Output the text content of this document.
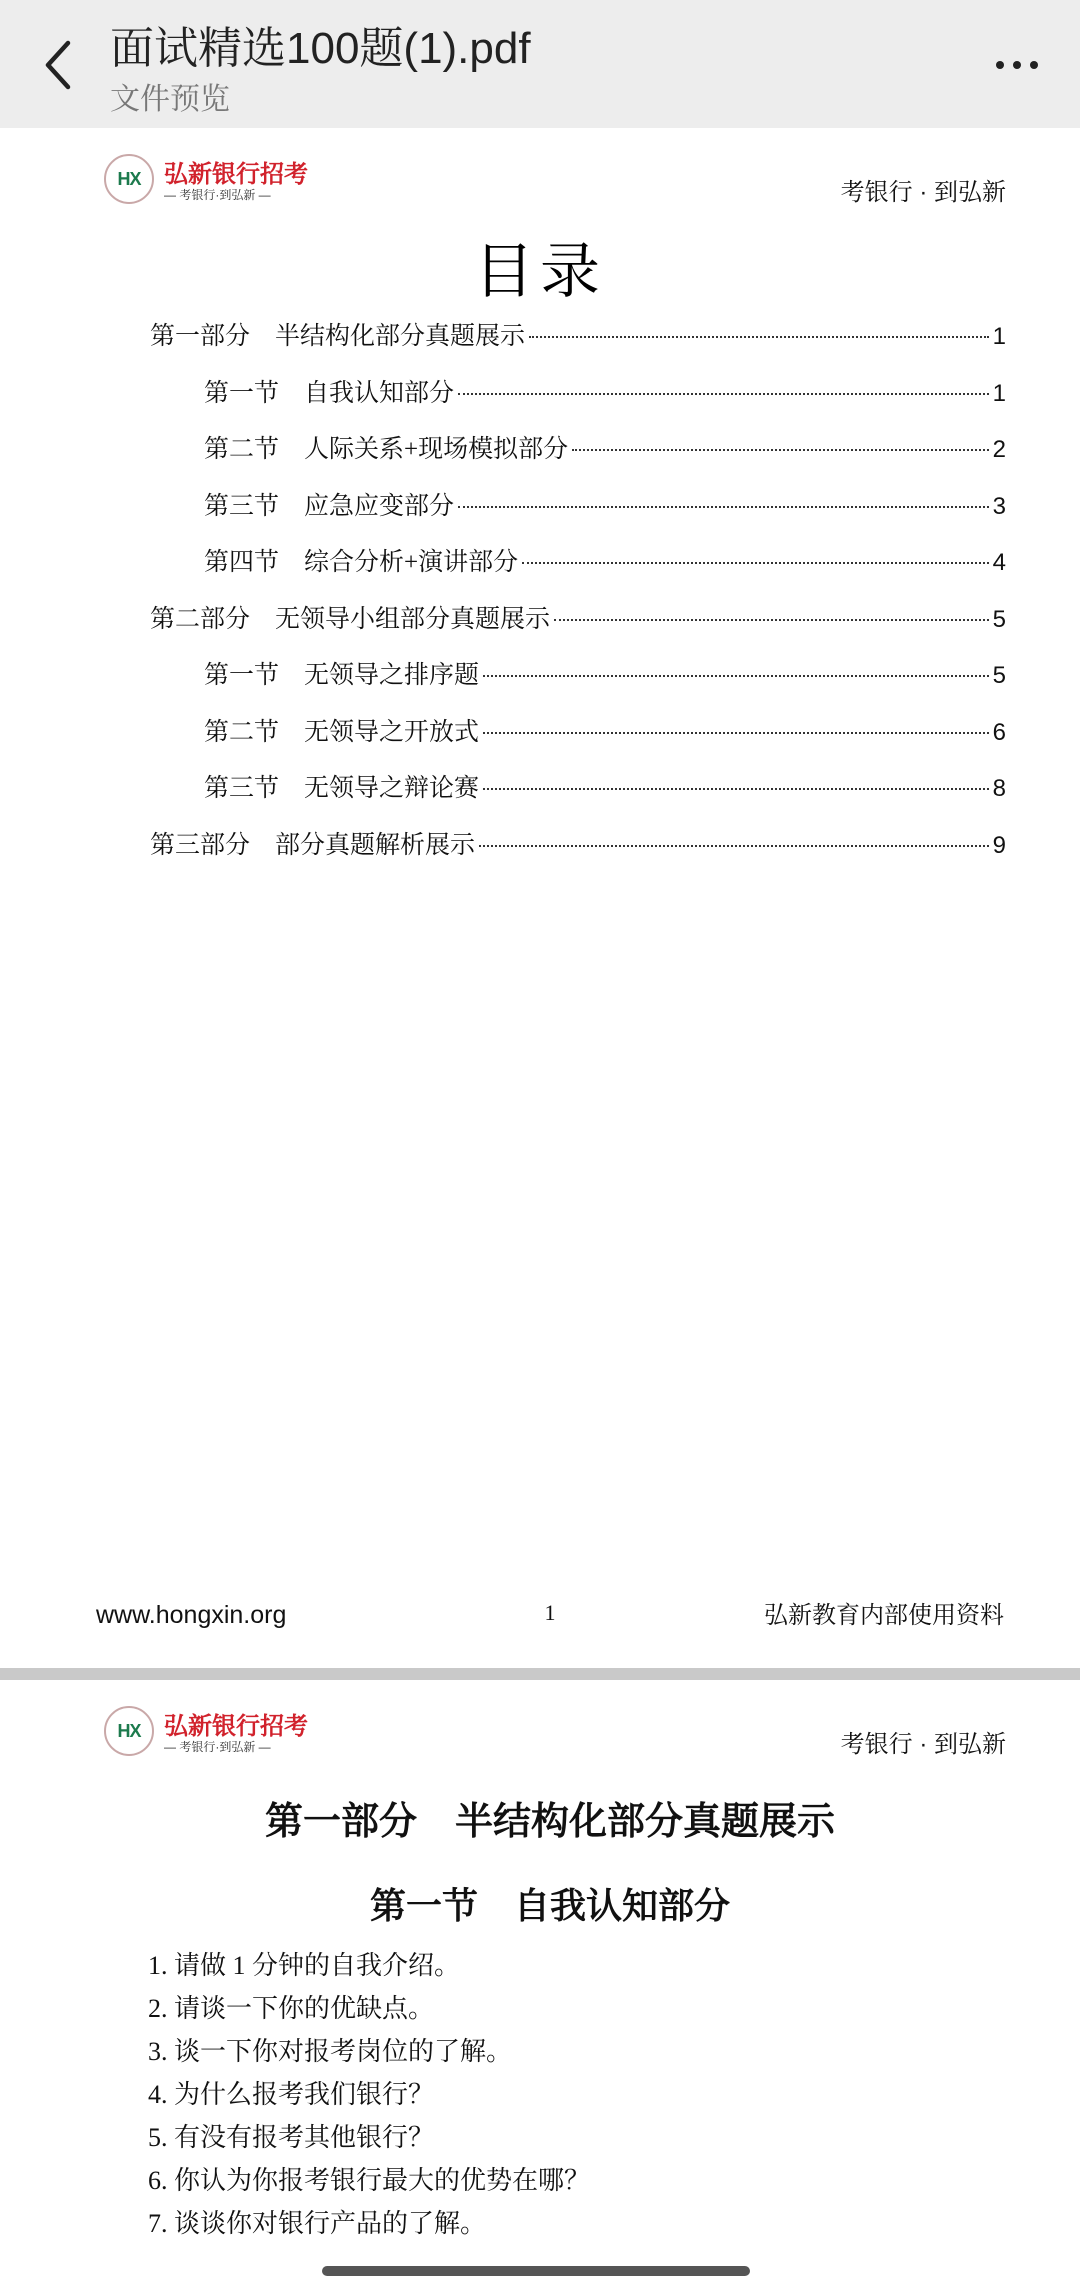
面试精选100题(1).pdf
文件预览
HX 弘新银行招考
— 考银行·到弘新 —	考银行 · 到弘新
目录
第一部分　半结构化部分真题展示	1
第一节　自我认知部分	1
第二节　人际关系+现场模拟部分	2
第三节　应急应变部分	3
第四节　综合分析+演讲部分	4
第二部分　无领导小组部分真题展示	5
第一节　无领导之排序题	5
第二节　无领导之开放式	6
第三节　无领导之辩论赛	8
第三部分　部分真题解析展示	9
www.hongxin.org	1	弘新教育内部使用资料
HX 弘新银行招考
— 考银行·到弘新 —	考银行 · 到弘新
第一部分　半结构化部分真题展示
第一节　自我认知部分
1. 请做 1 分钟的自我介绍。
2. 请谈一下你的优缺点。
3. 谈一下你对报考岗位的了解。
4. 为什么报考我们银行？
5. 有没有报考其他银行？
6. 你认为你报考银行最大的优势在哪？
7. 谈谈你对银行产品的了解。
